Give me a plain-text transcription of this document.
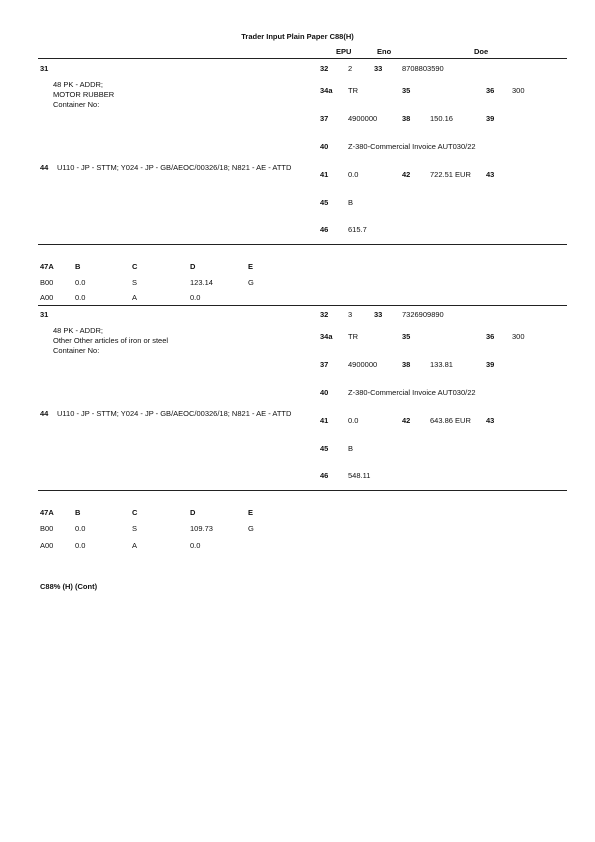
Trader Input Plain Paper C88(H)
EPU	Eno	Doe
31
48 PK - ADDR;
MOTOR RUBBER
Container No:
44 U110 - JP - STTM; Y024 - JP - GB/AEOC/00326/18; N821 - AE - ATTD
32	2	33	8708803590
34a TR	35	36 300
37	4900000	38	150.16	39
40	Z-380-Commercial Invoice AUT030/22
41	0.0	42	722.51 EUR 43
45	B
46	615.7
47A	B	C	D	E
B00	0.0	S	123.14	G
A00	0.0	A	0.0
31
48 PK - ADDR;
Other Other articles of iron or steel
Container No:
44 U110 - JP - STTM; Y024 - JP - GB/AEOC/00326/18; N821 - AE - ATTD
32	3	33	7326909890
34a TR	35	36 300
37	4900000	38	133.81	39
40	Z-380-Commercial Invoice AUT030/22
41	0.0	42	643.86 EUR 43
45	B
46	548.11
47A	B	C	D	E
B00	0.0	S	109.73	G
A00	0.0	A	0.0
C88% (H) (Cont)
